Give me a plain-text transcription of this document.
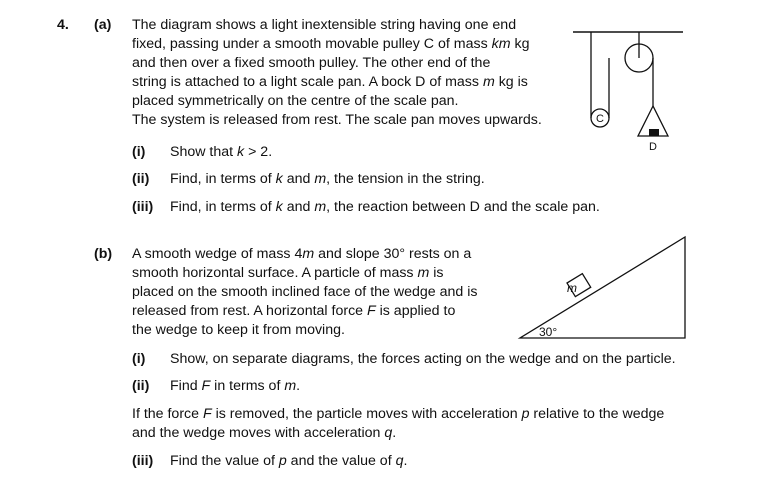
4. (a)
(b)
The diagram shows a light inextensible string having one end
fixed, passing under a smooth movable pulley C of mass km kg
and then over a fixed smooth pulley. The other end of the
string is attached to a light scale pan. A bock D of mass m kg is
placed symmetrically on the centre of the scale pan.
The system is released from rest. The scale pan moves upwards.
(i) Show that k > 2.
(ii) Find, in terms of k and m, the tension in the string.
(iii) Find, in terms of k and m, the reaction between D and the scale pan.
C
D
A smooth wedge of mass 4m and slope 30° rests on a
smooth horizontal surface. A particle of mass m is
placed on the smooth inclined face of the wedge and is
released from rest. A horizontal force F is applied to
the wedge to keep it from moving.
m
30°
(i) Show, on separate diagrams, the forces acting on the wedge and on the particle.
(ii) Find F in terms of m.
If the force F is removed, the particle moves with acceleration p relative to the wedge
and the wedge moves with acceleration q.
(iii) Find the value of p and the value of q.
